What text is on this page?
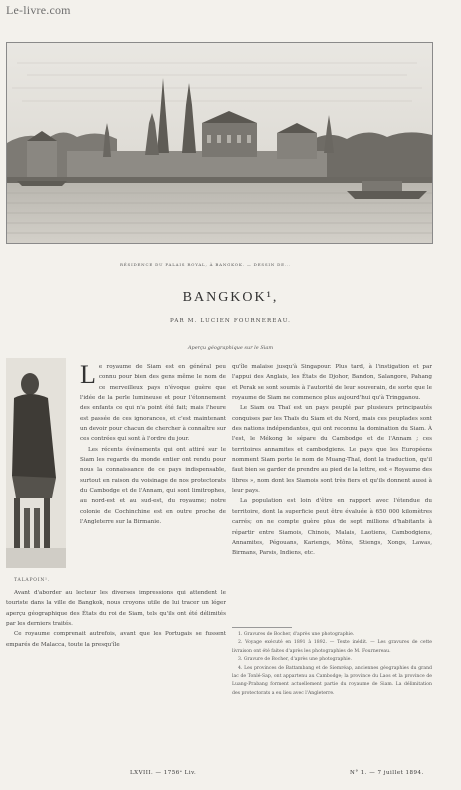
Le-livre.com
RÉSIDENCE DU PALAIS ROYAL, À BANGKOK. — DESSIN DE...
BANGKOK¹,
PAR M. LUCIEN FOURNEREAU.
Aperçu géographique sur le Siam
TALAPOIN¹.
L e royaume de Siam est en général peu connu pour bien des gens même le nom de ce merveilleux pays n'évoque guère que l'idée de la perle lumineuse et pour l'étonnement des enfants ce qui n'a point été fait; mais l'heure est passée de ces ignorances, et c'est maintenant un devoir pour chacun de chercher à connaître sur ces contrées qui sont à l'ordre du jour.

Les récents événements qui ont attiré sur le Siam les regards du monde entier ont rendu pour nous la connaissance de ce pays indispensable, surtout en raison du voisinage de nos protectorats du Cambodge et de l'Annam, qui sont limitrophes, au nord-est et au sud-est, du royaume; notre colonie de Cochinchine est en outre proche de l'Angleterre sur la Birmanie.

Avant d'aborder au lecteur les diverses impressions qui attendent le touriste dans la ville de Bangkok, nous croyons utile de lui tracer un léger aperçu géographique des États du roi de Siam, tels qu'ils ont été délimités par les derniers traités.

Ce royaume comprenait autrefois, avant que les Portugais se fussent emparés de Malacca, toute la presqu'île

qu'île malaise jusqu'à Singapour. Plus tard, à l'instigation et par l'appui des Anglais, les États de Djohor, Bandon, Salangore, Pahang et Perak se sont soumis à l'autorité de leur souverain, de sorte que le royaume de Siam ne commence plus aujourd'hui qu'à Tringganou.

Le Siam ou Thaï est un pays peuplé par plusieurs principautés conquises par les Thaïs du Siam et du Nord, mais ces peuplades sont des nations indépendantes, qui ont reconnu la domination du Siam. À l'est, le Mékong le sépare du Cambodge et de l'Annam ; ces territoires annamites et cambodgiens. Le pays que les Européens nomment Siam porte le nom de Muang-Thaï, dont la traduction, qu'il faut bien se garder de prendre au pied de la lettre, est « Royaume des libres », nom dont les Siamois sont très fiers et qu'ils donnent aussi à leur pays.

La population est loin d'être en rapport avec l'étendue du territoire, dont la superficie peut être évaluée à 650 000 kilomètres carrés; on ne compte guère plus de sept millions d'habitants à répartir entre Siamois, Chinois, Malais, Laotiens, Cambodgiens, Annamites, Pégouans, Kariengs, Môns, Stiengs, Xongs, Lawas, Birmans, Parsis, Indiens, etc.

1. Gravures de Bocher, d'après une photographie.

2. Voyage exécuté en 1891 à 1892. — Texte inédit. — Les gravures de cette livraison ont été faites d'après les photographies de M. Fournereau.

3. Gravure de Bocher, d'après une photographie.

4. Les provinces de Battambang et de Siemréap, anciennes géographies du grand lac de Tonlé-Sap, ont appartenu au Cambodge; la province du Laos et la province de Luang-Prabang forment actuellement partie du royaume de Siam. La délimitation des protectorats a eu lieu avec l'Angleterre.

LXVIII. — 1756ᵉ Liv.	N° 1. — 7 juillet 1894.
